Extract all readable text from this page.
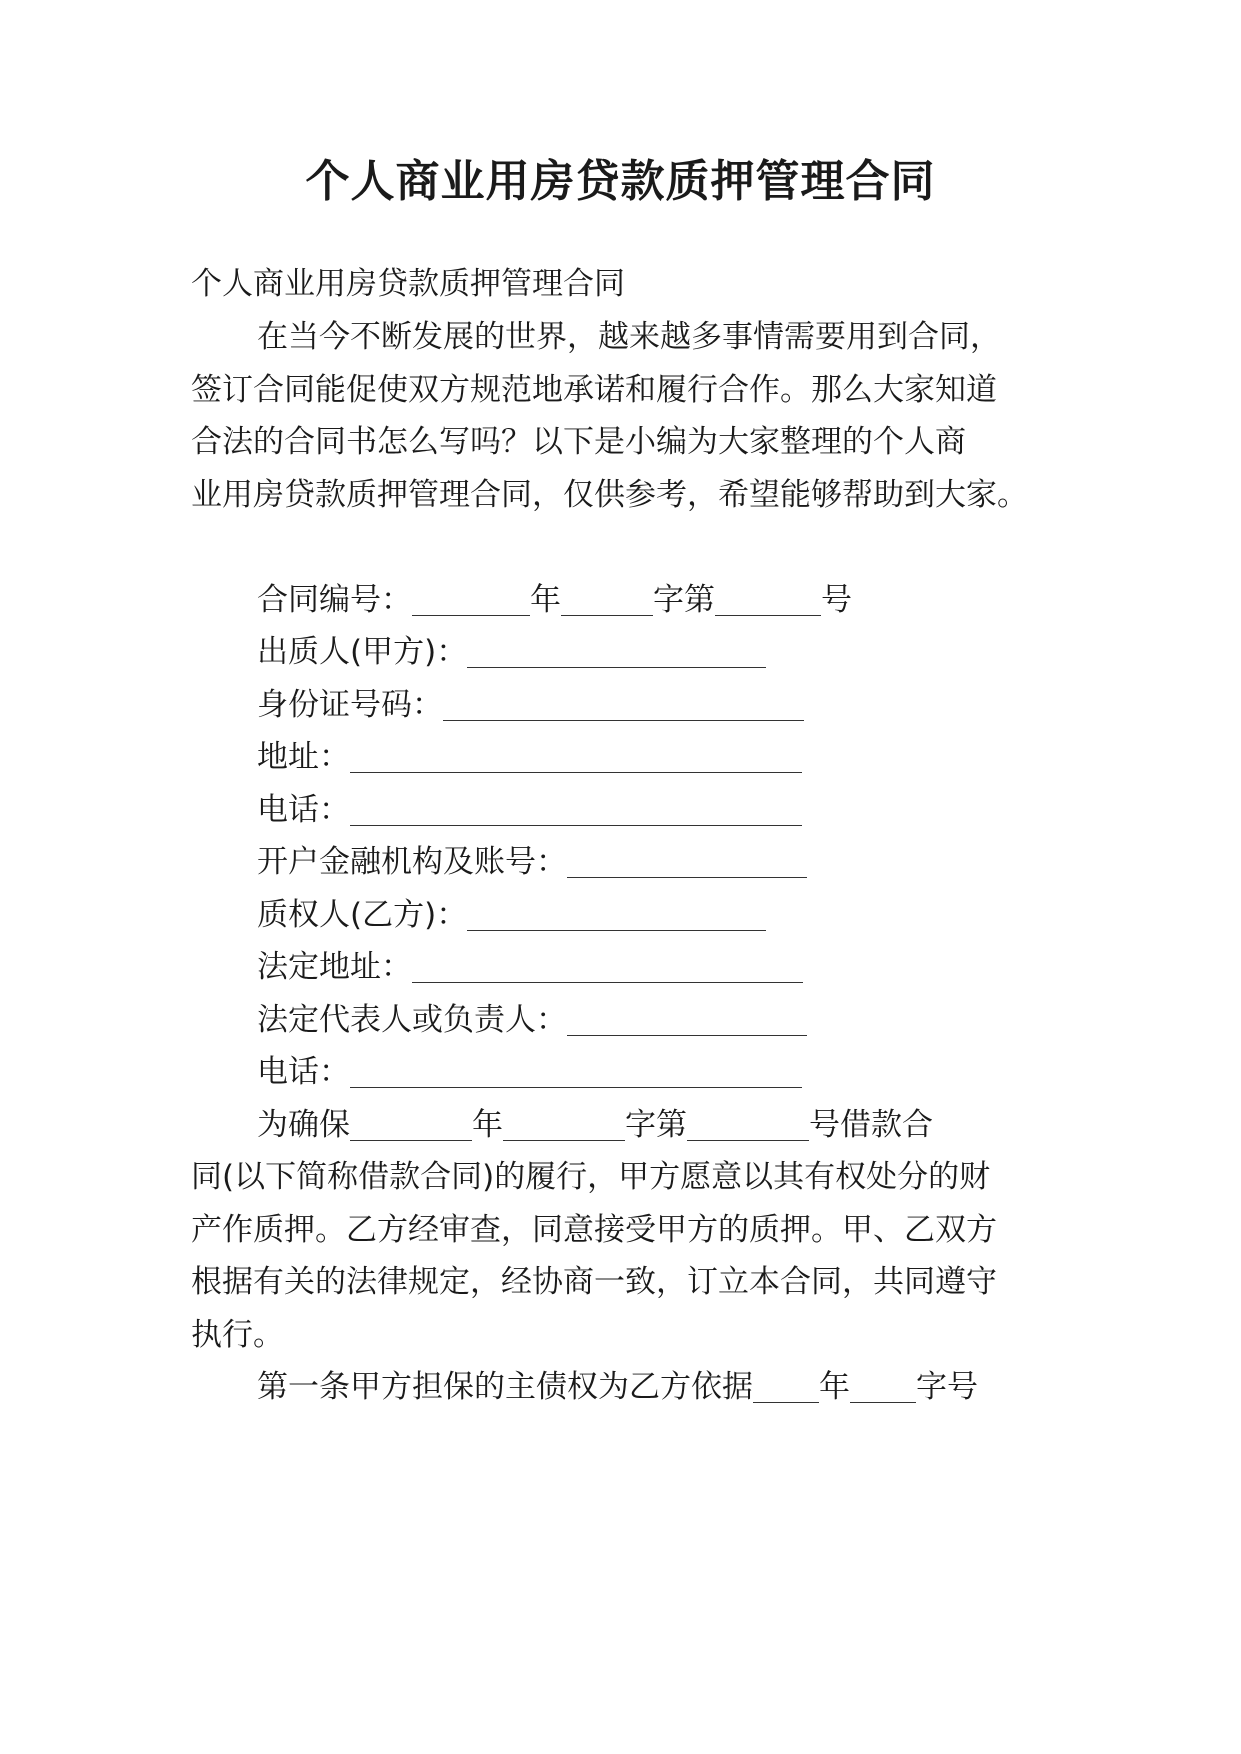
个人商业用房贷款质押管理合同
个人商业用房贷款质押管理合同
在当今不断发展的世界，越来越多事情需要用到合同，
签订合同能促使双方规范地承诺和履行合作。那么大家知道
合法的合同书怎么写吗？以下是小编为大家整理的个人商
业用房贷款质押管理合同，仅供参考，希望能够帮助到大家。
合同编号：	年	字第	号
出质人(甲方)：
身份证号码：
地址：
电话：
开户金融机构及账号：
质权人(乙方)：
法定地址：
法定代表人或负责人：
电话：
为确保	年	字第	号借款合
同(以下简称借款合同)的履行，甲方愿意以其有权处分的财
产作质押。乙方经审查，同意接受甲方的质押。甲、乙双方
根据有关的法律规定，经协商一致，订立本合同，共同遵守
执行。
第一条甲方担保的主债权为乙方依据 年 字号
